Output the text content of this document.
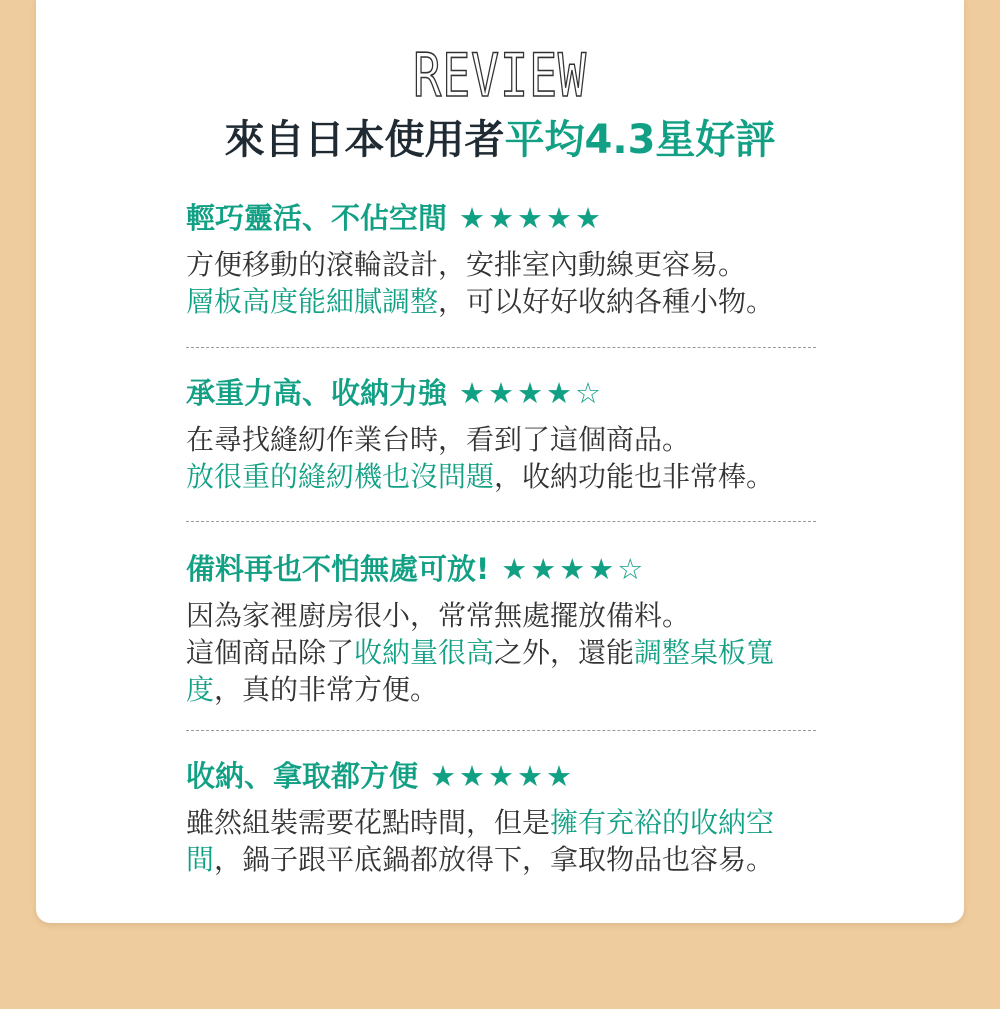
REVIEW
來自日本使用者平均4.3星好評
輕巧靈活、不佔空間 ★★★★★
方便移動的滾輪設計，安排室內動線更容易。
層板高度能細膩調整，可以好好收納各種小物。
承重力高、收納力強 ★★★★☆
在尋找縫紉作業台時，看到了這個商品。
放很重的縫紉機也沒問題，收納功能也非常棒。
備料再也不怕無處可放! ★★★★☆
因為家裡廚房很小，常常無處擺放備料。
這個商品除了收納量很高之外，還能調整桌板寬
度，真的非常方便。
收納、拿取都方便 ★★★★★
雖然組裝需要花點時間，但是擁有充裕的收納空
間，鍋子跟平底鍋都放得下，拿取物品也容易。
